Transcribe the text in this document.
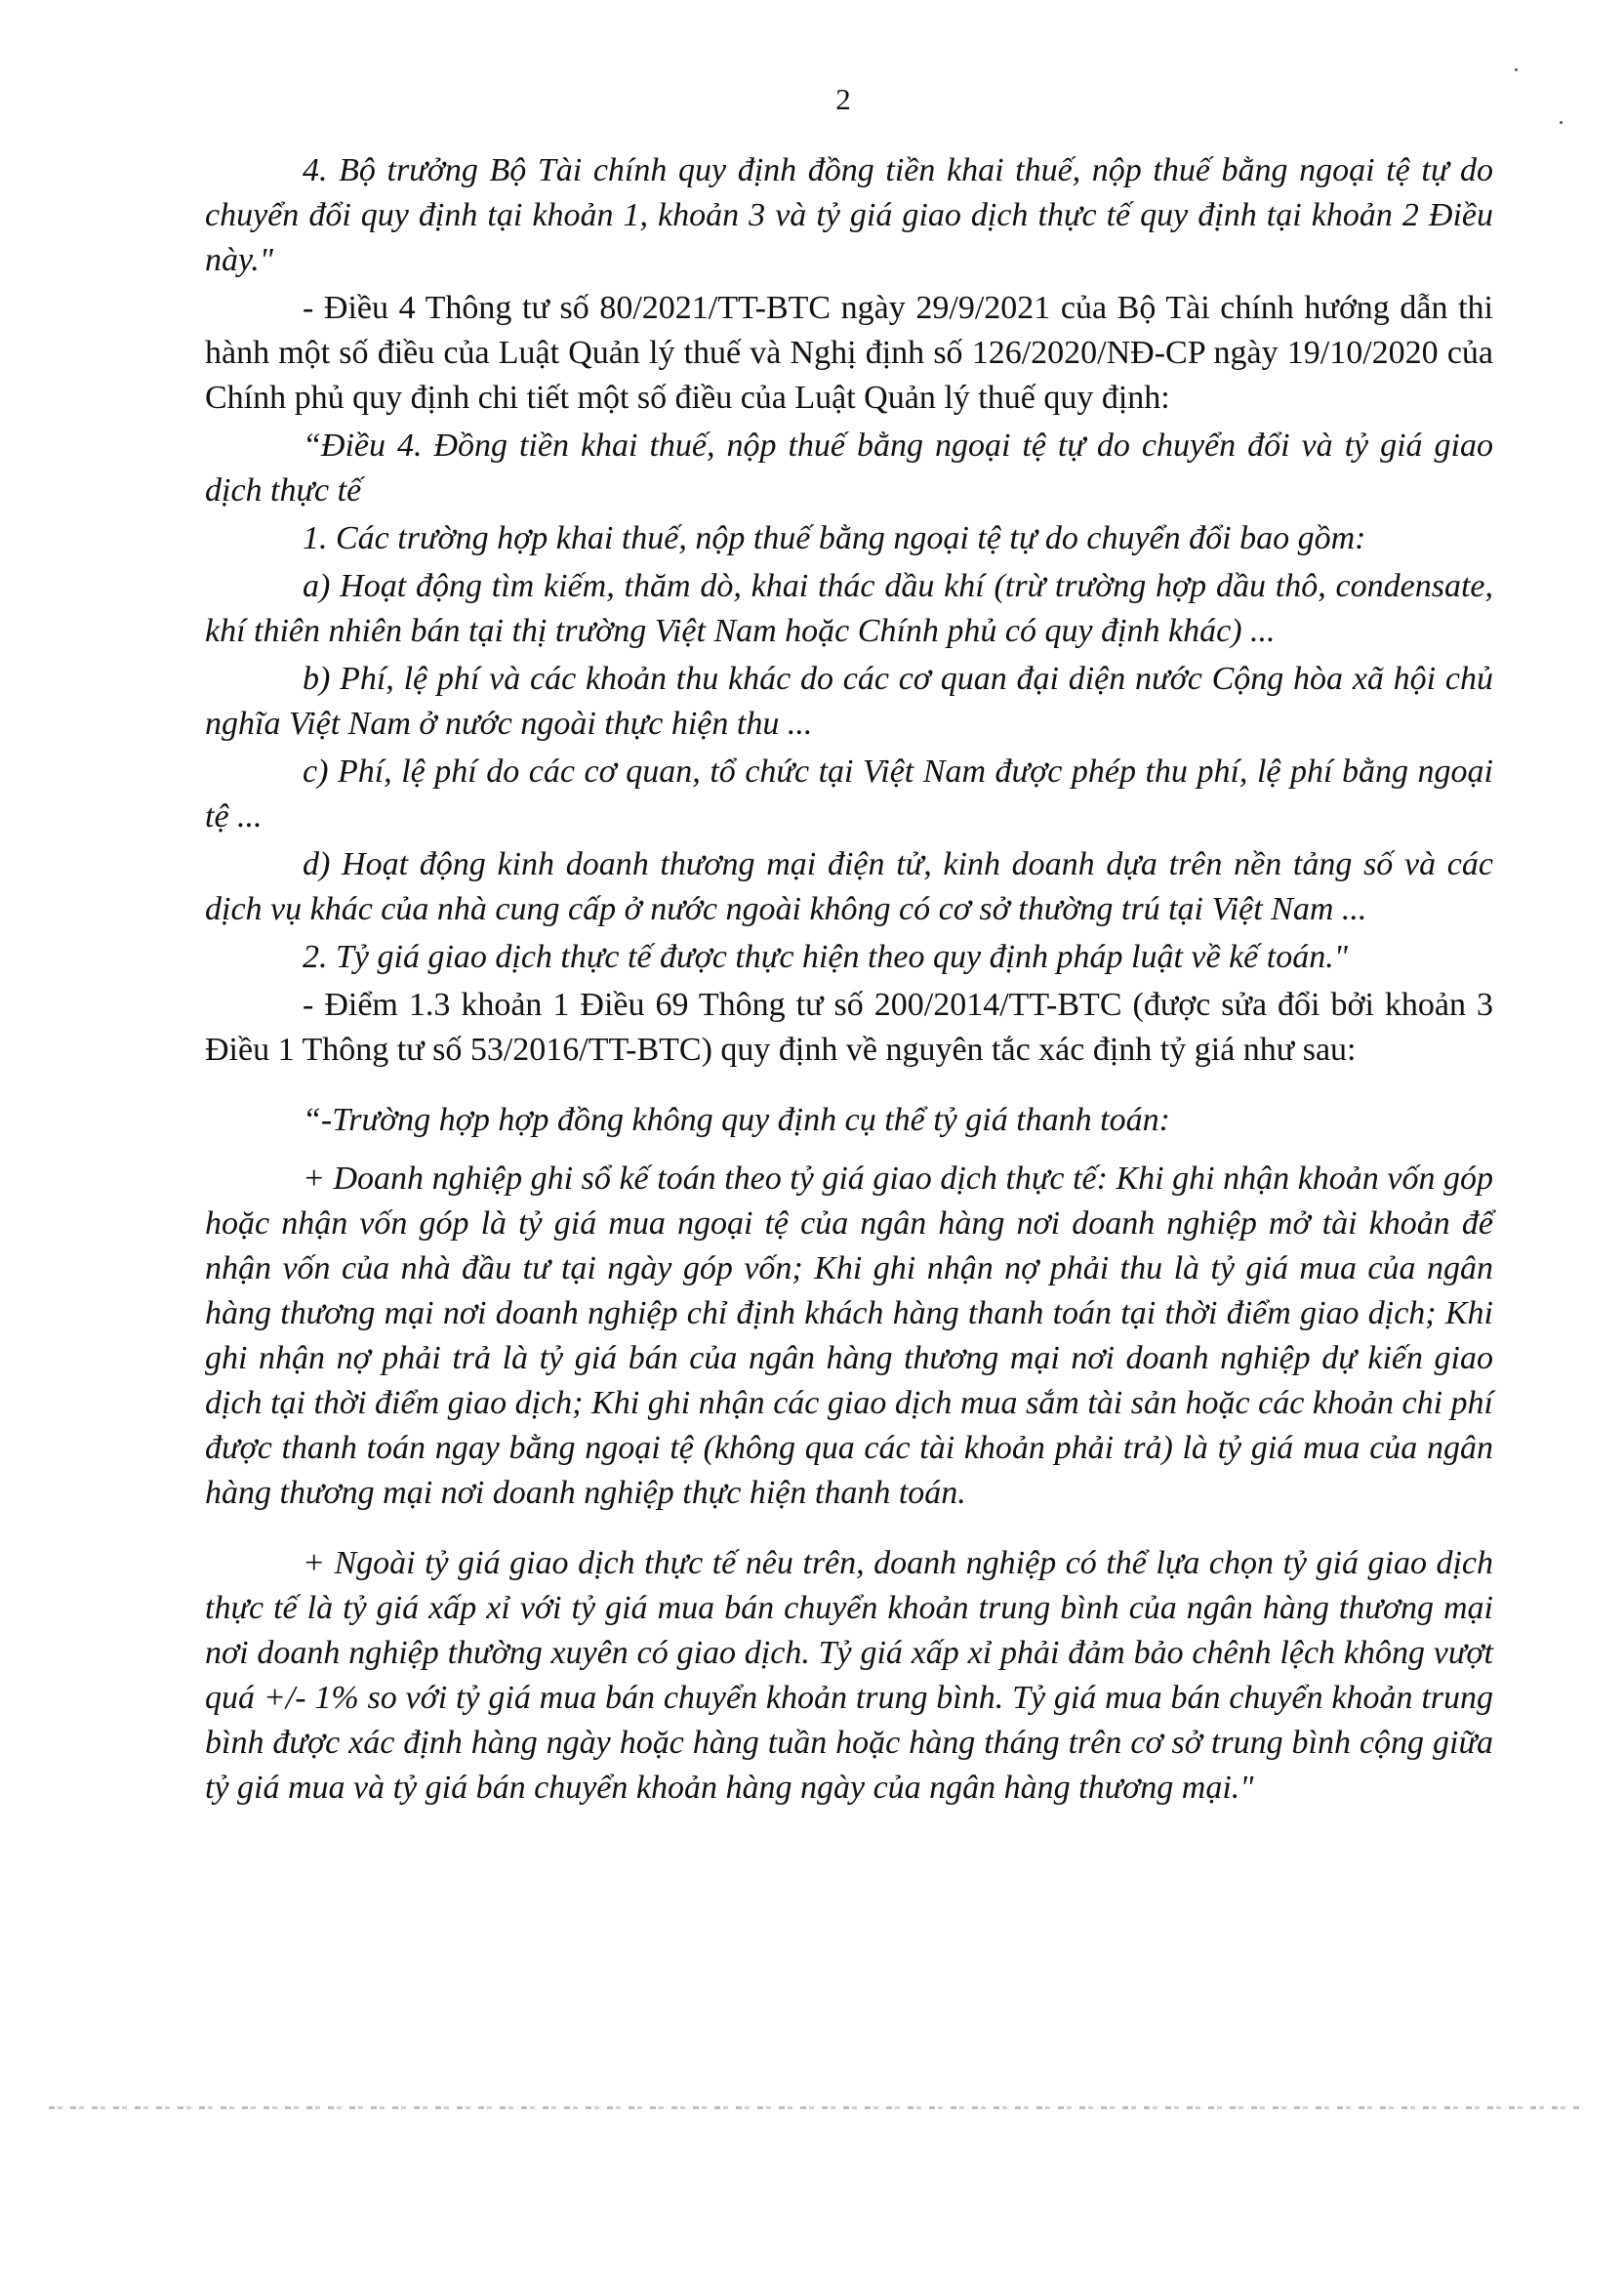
2

4. Bộ trưởng Bộ Tài chính quy định đồng tiền khai thuế, nộp thuế bằng ngoại tệ tự do chuyển đổi quy định tại khoản 1, khoản 3 và tỷ giá giao dịch thực tế quy định tại khoản 2 Điều này."

- Điều 4 Thông tư số 80/2021/TT-BTC ngày 29/9/2021 của Bộ Tài chính hướng dẫn thi hành một số điều của Luật Quản lý thuế và Nghị định số 126/2020/NĐ-CP ngày 19/10/2020 của Chính phủ quy định chi tiết một số điều của Luật Quản lý thuế quy định:

“Điều 4. Đồng tiền khai thuế, nộp thuế bằng ngoại tệ tự do chuyển đổi và tỷ giá giao dịch thực tế

1. Các trường hợp khai thuế, nộp thuế bằng ngoại tệ tự do chuyển đổi bao gồm:

a) Hoạt động tìm kiếm, thăm dò, khai thác dầu khí (trừ trường hợp dầu thô, condensate, khí thiên nhiên bán tại thị trường Việt Nam hoặc Chính phủ có quy định khác) ...

b) Phí, lệ phí và các khoản thu khác do các cơ quan đại diện nước Cộng hòa xã hội chủ nghĩa Việt Nam ở nước ngoài thực hiện thu ...

c) Phí, lệ phí do các cơ quan, tổ chức tại Việt Nam được phép thu phí, lệ phí bằng ngoại tệ ...

d) Hoạt động kinh doanh thương mại điện tử, kinh doanh dựa trên nền tảng số và các dịch vụ khác của nhà cung cấp ở nước ngoài không có cơ sở thường trú tại Việt Nam ...

2. Tỷ giá giao dịch thực tế được thực hiện theo quy định pháp luật về kế toán."

- Điểm 1.3 khoản 1 Điều 69 Thông tư số 200/2014/TT-BTC (được sửa đổi bởi khoản 3 Điều 1 Thông tư số 53/2016/TT-BTC) quy định về nguyên tắc xác định tỷ giá như sau:

“-Trường hợp hợp đồng không quy định cụ thể tỷ giá thanh toán:

+ Doanh nghiệp ghi sổ kế toán theo tỷ giá giao dịch thực tế: Khi ghi nhận khoản vốn góp hoặc nhận vốn góp là tỷ giá mua ngoại tệ của ngân hàng nơi doanh nghiệp mở tài khoản để nhận vốn của nhà đầu tư tại ngày góp vốn; Khi ghi nhận nợ phải thu là tỷ giá mua của ngân hàng thương mại nơi doanh nghiệp chỉ định khách hàng thanh toán tại thời điểm giao dịch; Khi ghi nhận nợ phải trả là tỷ giá bán của ngân hàng thương mại nơi doanh nghiệp dự kiến giao dịch tại thời điểm giao dịch; Khi ghi nhận các giao dịch mua sắm tài sản hoặc các khoản chi phí được thanh toán ngay bằng ngoại tệ (không qua các tài khoản phải trả) là tỷ giá mua của ngân hàng thương mại nơi doanh nghiệp thực hiện thanh toán.

+ Ngoài tỷ giá giao dịch thực tế nêu trên, doanh nghiệp có thể lựa chọn tỷ giá giao dịch thực tế là tỷ giá xấp xỉ với tỷ giá mua bán chuyển khoản trung bình của ngân hàng thương mại nơi doanh nghiệp thường xuyên có giao dịch. Tỷ giá xấp xỉ phải đảm bảo chênh lệch không vượt quá +/- 1% so với tỷ giá mua bán chuyển khoản trung bình. Tỷ giá mua bán chuyển khoản trung bình được xác định hàng ngày hoặc hàng tuần hoặc hàng tháng trên cơ sở trung bình cộng giữa tỷ giá mua và tỷ giá bán chuyển khoản hàng ngày của ngân hàng thương mại."
